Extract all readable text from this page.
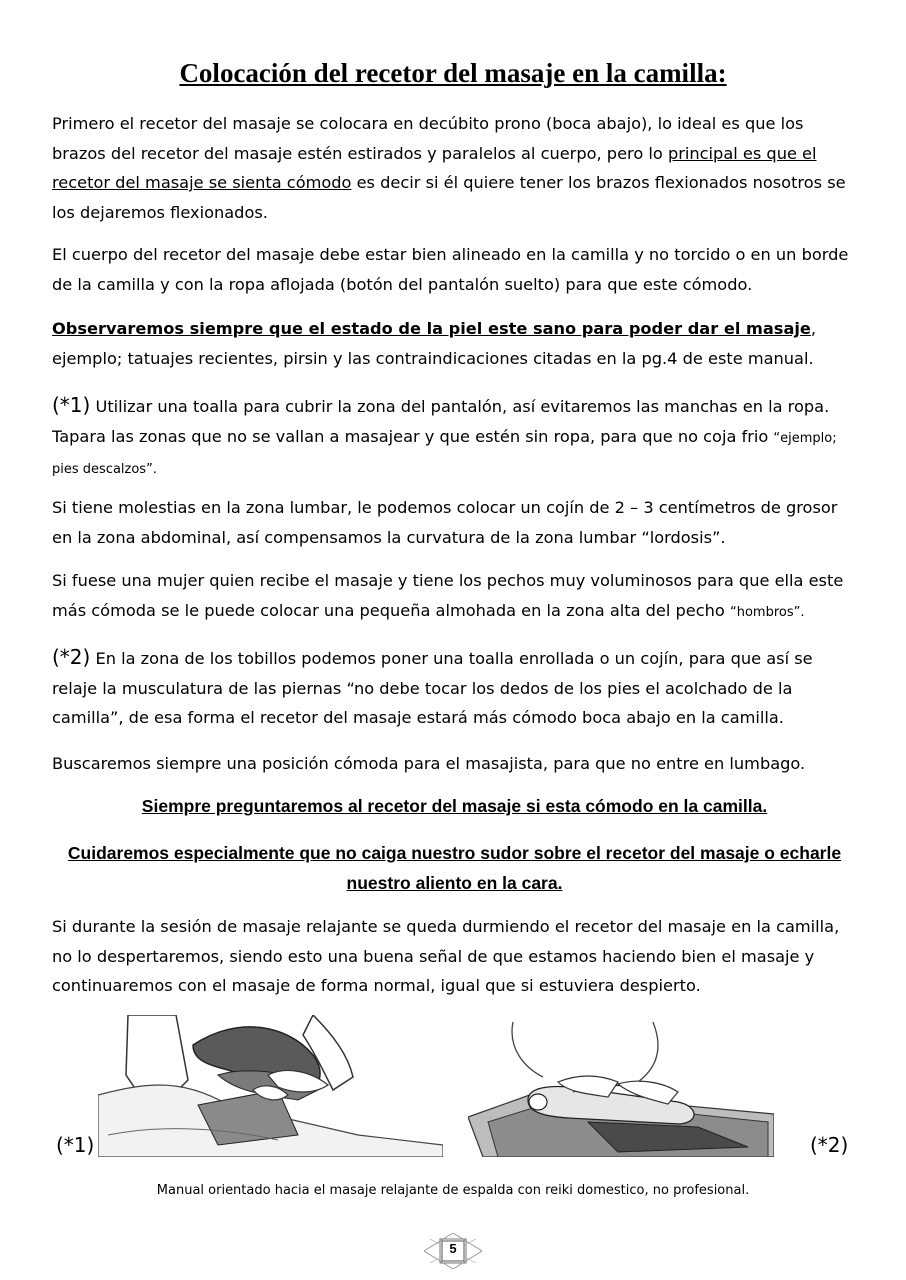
Colocación del recetor del masaje en la camilla:

Primero el recetor del masaje se colocara en decúbito prono (boca abajo), lo ideal es que los brazos del recetor del masaje estén estirados y paralelos al cuerpo, pero lo principal es que el recetor del masaje se sienta cómodo es decir si él quiere tener los brazos flexionados nosotros se los dejaremos flexionados.

El cuerpo del recetor del masaje debe estar bien alineado en la camilla y no torcido o en un borde de la camilla y con la ropa aflojada (botón del pantalón suelto) para que este cómodo.

Observaremos siempre que el estado de la piel este sano para poder dar el masaje, ejemplo; tatuajes recientes, pirsin y las contraindicaciones citadas en la pg.4 de este manual.

(*1) Utilizar una toalla para cubrir la zona del pantalón, así evitaremos las manchas en la ropa. Tapara las zonas que no se vallan a masajear y que estén sin ropa, para que no coja frio “ejemplo; pies descalzos”.

Si tiene molestias en la zona lumbar, le podemos colocar un cojín de 2 – 3 centímetros de grosor en la zona abdominal, así compensamos la curvatura de la zona lumbar “lordosis”.

Si fuese una mujer quien recibe el masaje y tiene los pechos muy voluminosos para que ella este más cómoda se le puede colocar una pequeña almohada en la zona alta del pecho “hombros”.

(*2) En la zona de los tobillos podemos poner una toalla enrollada o un cojín, para que así se relaje la musculatura de las piernas “no debe tocar los dedos de los pies el acolchado de la camilla”, de esa forma el recetor del masaje estará más cómodo boca abajo en la camilla.

Buscaremos siempre una posición cómoda para el masajista, para que no entre en lumbago.

Siempre preguntaremos al recetor del masaje si esta cómodo en la camilla.

Cuidaremos especialmente que no caiga nuestro sudor sobre el recetor del masaje o echarle nuestro aliento en la cara.

Si durante la sesión de masaje relajante se queda durmiendo el recetor del masaje en la camilla, no lo despertaremos, siendo esto una buena señal de que estamos haciendo bien el masaje y continuaremos con el masaje de forma normal, igual que si estuviera despierto.

(*1)	(*2)
Manual orientado hacia el masaje relajante de espalda con reiki domestico, no profesional.
5
